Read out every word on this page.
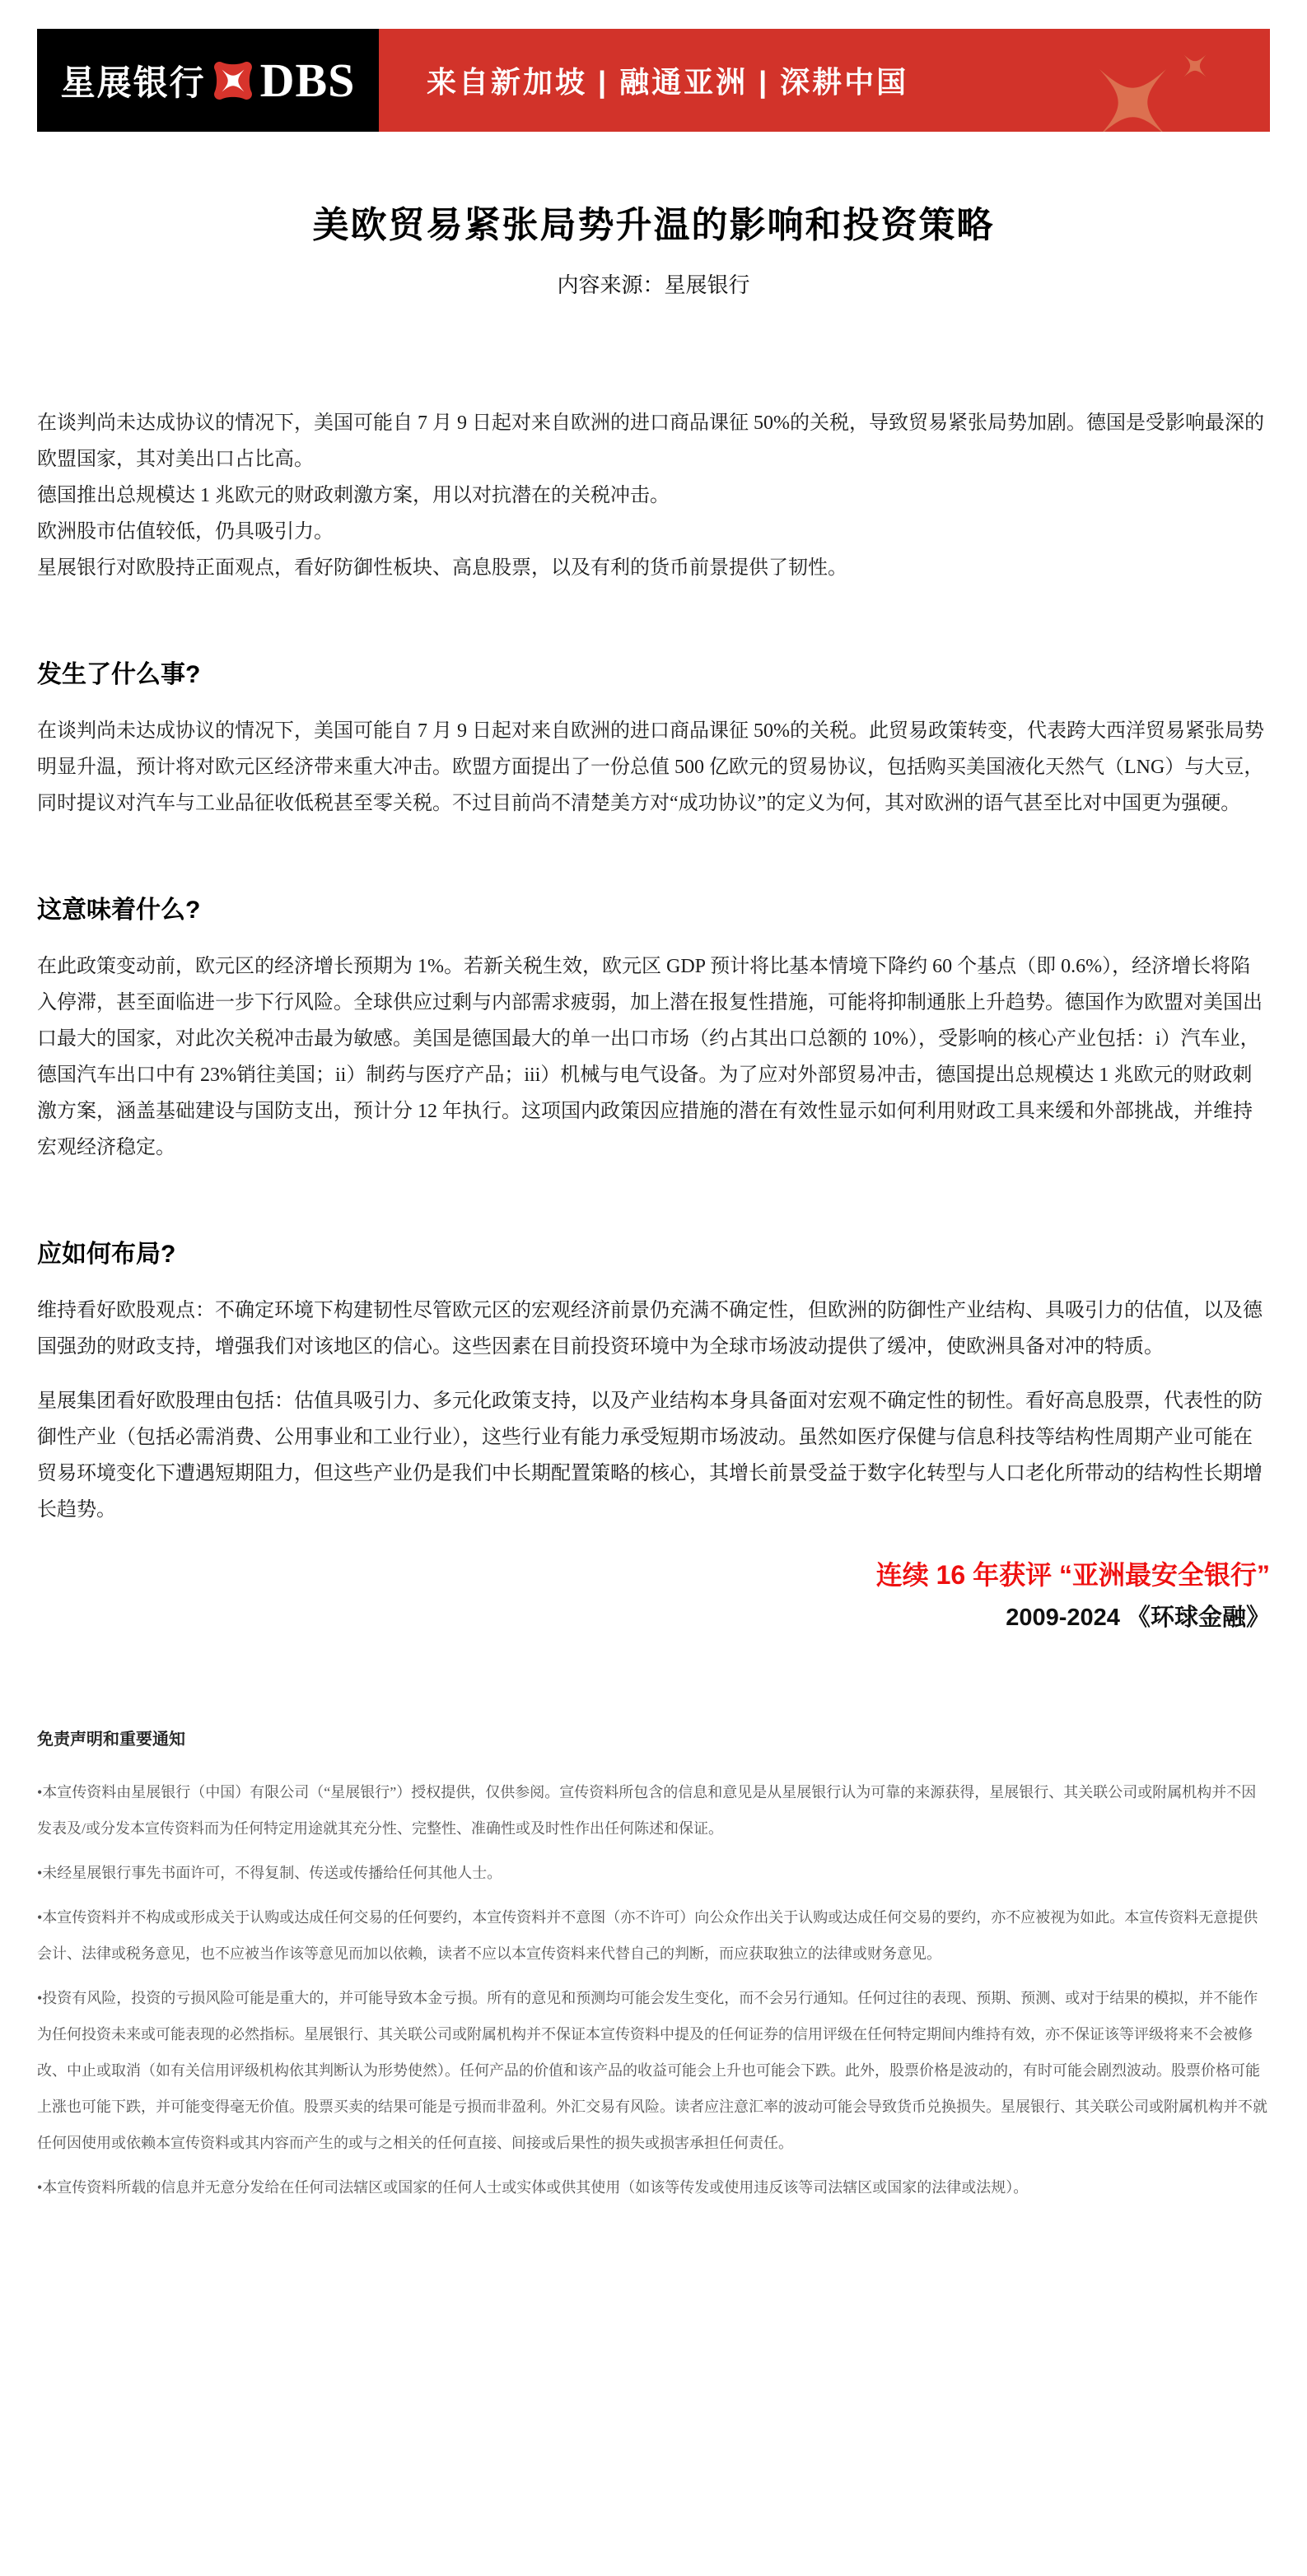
星展银行 DBS	来自新加坡 | 融通亚洲 | 深耕中国
美欧贸易紧张局势升温的影响和投资策略

内容来源：星展银行

在谈判尚未达成协议的情况下，美国可能自 7 月 9 日起对来自欧洲的进口商品课征 50%的关税，导致贸易紧张局势加剧。德国是受影响最深的欧盟国家，其对美出口占比高。

德国推出总规模达 1 兆欧元的财政刺激方案，用以对抗潜在的关税冲击。

欧洲股市估值较低，仍具吸引力。

星展银行对欧股持正面观点，看好防御性板块、高息股票，以及有利的货币前景提供了韧性。

发生了什么事?

在谈判尚未达成协议的情况下，美国可能自 7 月 9 日起对来自欧洲的进口商品课征 50%的关税。此贸易政策转变，代表跨大西洋贸易紧张局势明显升温，预计将对欧元区经济带来重大冲击。欧盟方面提出了一份总值 500 亿欧元的贸易协议，包括购买美国液化天然气（LNG）与大豆，同时提议对汽车与工业品征收低税甚至零关税。不过目前尚不清楚美方对“成功协议”的定义为何，其对欧洲的语气甚至比对中国更为强硬。

这意味着什么?

在此政策变动前，欧元区的经济增长预期为 1%。若新关税生效，欧元区 GDP 预计将比基本情境下降约 60 个基点（即 0.6%），经济增长将陷入停滞，甚至面临进一步下行风险。全球供应过剩与内部需求疲弱，加上潜在报复性措施，可能将抑制通胀上升趋势。德国作为欧盟对美国出口最大的国家，对此次关税冲击最为敏感。美国是德国最大的单一出口市场（约占其出口总额的 10%），受影响的核心产业包括：i）汽车业，德国汽车出口中有 23%销往美国；ii）制药与医疗产品；iii）机械与电气设备。为了应对外部贸易冲击，德国提出总规模达 1 兆欧元的财政刺激方案，涵盖基础建设与国防支出，预计分 12 年执行。这项国内政策因应措施的潜在有效性显示如何利用财政工具来缓和外部挑战，并维持宏观经济稳定。

应如何布局?

维持看好欧股观点：不确定环境下构建韧性尽管欧元区的宏观经济前景仍充满不确定性，但欧洲的防御性产业结构、具吸引力的估值，以及德国强劲的财政支持，增强我们对该地区的信心。这些因素在目前投资环境中为全球市场波动提供了缓冲，使欧洲具备对冲的特质。

星展集团看好欧股理由包括：估值具吸引力、多元化政策支持，以及产业结构本身具备面对宏观不确定性的韧性。看好高息股票，代表性的防御性产业（包括必需消费、公用事业和工业行业），这些行业有能力承受短期市场波动。虽然如医疗保健与信息科技等结构性周期产业可能在贸易环境变化下遭遇短期阻力，但这些产业仍是我们中长期配置策略的核心，其增长前景受益于数字化转型与人口老化所带动的结构性长期增长趋势。

连续 16 年获评 “亚洲最安全银行”

2009-2024 《环球金融》

免责声明和重要通知

•本宣传资料由星展银行（中国）有限公司（“星展银行”）授权提供，仅供参阅。宣传资料所包含的信息和意见是从星展银行认为可靠的来源获得，星展银行、其关联公司或附属机构并不因发表及/或分发本宣传资料而为任何特定用途就其充分性、完整性、准确性或及时性作出任何陈述和保证。

•未经星展银行事先书面许可，不得复制、传送或传播给任何其他人士。

•本宣传资料并不构成或形成关于认购或达成任何交易的任何要约，本宣传资料并不意图（亦不许可）向公众作出关于认购或达成任何交易的要约，亦不应被视为如此。本宣传资料无意提供会计、法律或税务意见，也不应被当作该等意见而加以依赖，读者不应以本宣传资料来代替自己的判断，而应获取独立的法律或财务意见。

•投资有风险，投资的亏损风险可能是重大的，并可能导致本金亏损。所有的意见和预测均可能会发生变化，而不会另行通知。任何过往的表现、预期、预测、或对于结果的模拟，并不能作为任何投资未来或可能表现的必然指标。星展银行、其关联公司或附属机构并不保证本宣传资料中提及的任何证券的信用评级在任何特定期间内维持有效，亦不保证该等评级将来不会被修改、中止或取消（如有关信用评级机构依其判断认为形势使然）。任何产品的价值和该产品的收益可能会上升也可能会下跌。此外，股票价格是波动的，有时可能会剧烈波动。股票价格可能上涨也可能下跌，并可能变得毫无价值。股票买卖的结果可能是亏损而非盈利。外汇交易有风险。读者应注意汇率的波动可能会导致货币兑换损失。星展银行、其关联公司或附属机构并不就任何因使用或依赖本宣传资料或其内容而产生的或与之相关的任何直接、间接或后果性的损失或损害承担任何责任。

•本宣传资料所载的信息并无意分发给在任何司法辖区或国家的任何人士或实体或供其使用（如该等传发或使用违反该等司法辖区或国家的法律或法规）。
